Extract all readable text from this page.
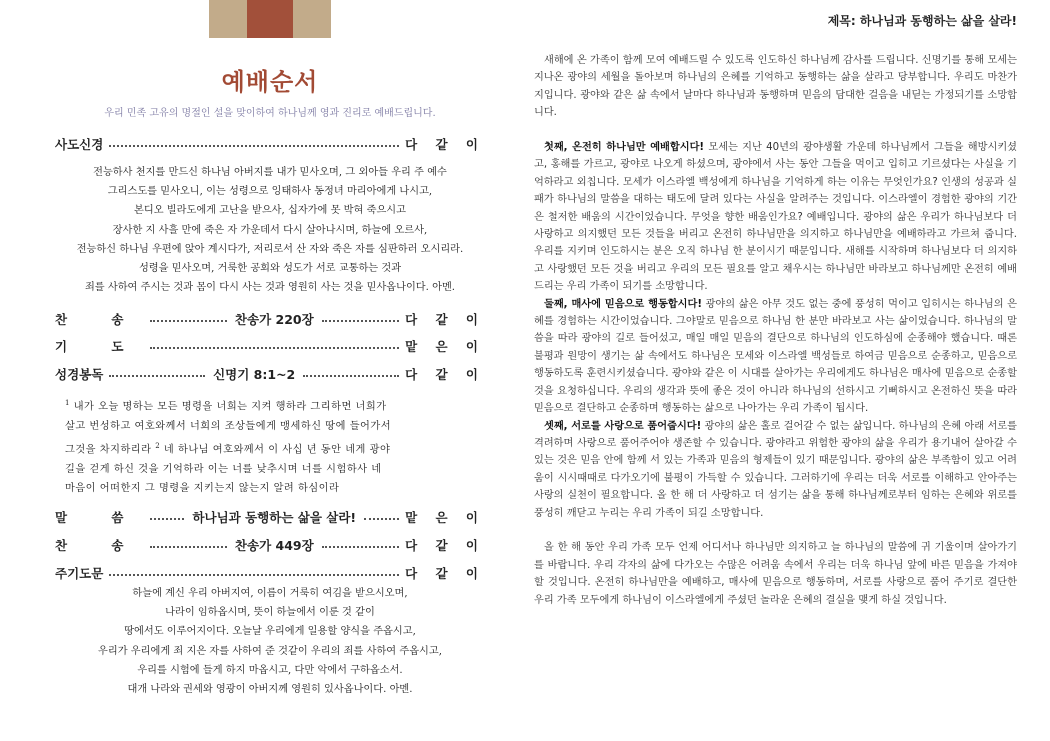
예배순서
우리 민족 고유의 명절인 설을 맞이하여 하나님께 영과 진리로 예배드립니다.
사도신경	다 같 이
전능하사 천지를 만드신 하나님 아버지를 내가 믿사오며, 그 외아들 우리 주 예수
그리스도를 믿사오니, 이는 성령으로 잉태하사 동정녀 마리아에게 나시고,
본디오 빌라도에게 고난을 받으사, 십자가에 못 박혀 죽으시고
장사한 지 사흘 만에 죽은 자 가운데서 다시 살아나시며, 하늘에 오르사,
전능하신 하나님 우편에 앉아 계시다가, 저리로서 산 자와 죽은 자를 심판하러 오시리라.
성령을 믿사오며, 거룩한 공회와 성도가 서로 교통하는 것과
죄를 사하여 주시는 것과 몸이 다시 사는 것과 영원히 사는 것을 믿사옵나이다. 아멘.
찬 송	찬송가 220장	다 같 이
기 도	맡 은 이
성경봉독	신명기 8:1~2	다 같 이

$^1$ 내가 오늘 명하는 모든 명령을 너희는 지켜 행하라 그리하면 너희가

살고 번성하고 여호와께서 너희의 조상들에게 맹세하신 땅에 들어가서

그것을 차지하리라 $^2$ 네 하나님 여호와께서 이 사십 년 동안 네게 광야

길을 걷게 하신 것을 기억하라 이는 너를 낮추시며 너를 시험하사 네

마음이 어떠한지 그 명령을 지키는지 않는지 알려 하심이라

말 씀	하나님과 동행하는 삶을 살라!	맡 은 이
찬 송	찬송가 449장	다 같 이
주기도문	다 같 이
하늘에 계신 우리 아버지여, 이름이 거룩히 여김을 받으시오며,
나라이 임하옵시며, 뜻이 하늘에서 이룬 것 같이
땅에서도 이루어지이다. 오늘날 우리에게 일용할 양식을 주옵시고,
우리가 우리에게 죄 지은 자를 사하여 준 것같이 우리의 죄를 사하여 주옵시고,
우리를 시험에 들게 하지 마옵시고, 다만 악에서 구하옵소서.
대개 나라와 권세와 영광이 아버지께 영원히 있사옵나이다. 아멘.
제목: 하나님과 동행하는 삶을 살라!

새해에 온 가족이 함께 모여 예배드릴 수 있도록 인도하신 하나님께 감사를 드립니다. 신명기를 통해 모세는 지나온 광야의 세월을 돌아보며 하나님의 은혜를 기억하고 동행하는 삶을 살라고 당부합니다. 우리도 마찬가지입니다. 광야와 같은 삶 속에서 날마다 하나님과 동행하며 믿음의 담대한 걸음을 내딛는 가정되기를 소망합니다.

첫째, 온전히 하나님만 예배합시다! 모세는 지난 40년의 광야생활 가운데 하나님께서 그들을 해방시키셨고, 홍해를 가르고, 광야로 나오게 하셨으며, 광야에서 사는 동안 그들을 먹이고 입히고 기르셨다는 사실을 기억하라고 외칩니다. 모세가 이스라엘 백성에게 하나님을 기억하게 하는 이유는 무엇인가요? 인생의 성공과 실패가 하나님의 말씀을 대하는 태도에 달려 있다는 사실을 알려주는 것입니다. 이스라엘이 경험한 광야의 기간은 철저한 배움의 시간이었습니다. 무엇을 향한 배움인가요? 예배입니다. 광야의 삶은 우리가 하나님보다 더 사랑하고 의지했던 모든 것들을 버리고 온전히 하나님만을 의지하고 하나님만을 예배하라고 가르쳐 줍니다. 우리를 지키며 인도하시는 분은 오직 하나님 한 분이시기 때문입니다. 새해를 시작하며 하나님보다 더 의지하고 사랑했던 모든 것을 버리고 우리의 모든 필요를 알고 채우시는 하나님만 바라보고 하나님께만 온전히 예배드리는 우리 가족이 되기를 소망합니다.

둘째, 매사에 믿음으로 행동합시다! 광야의 삶은 아무 것도 없는 중에 풍성히 먹이고 입히시는 하나님의 은혜를 경험하는 시간이었습니다. 그야말로 믿음으로 하나님 한 분만 바라보고 사는 삶이었습니다. 하나님의 말씀을 따라 광야의 길로 들어섰고, 매일 매일 믿음의 결단으로 하나님의 인도하심에 순종해야 했습니다. 때론 불평과 원망이 생기는 삶 속에서도 하나님은 모세와 이스라엘 백성들로 하여금 믿음으로 순종하고, 믿음으로 행동하도록 훈련시키셨습니다. 광야와 같은 이 시대를 살아가는 우리에게도 하나님은 매사에 믿음으로 순종할 것을 요청하십니다. 우리의 생각과 뜻에 좋은 것이 아니라 하나님의 선하시고 기뻐하시고 온전하신 뜻을 따라 믿음으로 결단하고 순종하며 행동하는 삶으로 나아가는 우리 가족이 됩시다.

셋째, 서로를 사랑으로 품어줍시다! 광야의 삶은 홀로 걸어갈 수 없는 삶입니다. 하나님의 은혜 아래 서로를 격려하며 사랑으로 품어주어야 생존할 수 있습니다. 광야라고 위험한 광야의 삶을 우리가 용기내어 살아갈 수 있는 것은 믿음 안에 함께 서 있는 가족과 믿음의 형제들이 있기 때문입니다. 광야의 삶은 부족함이 있고 어려움이 시시때때로 다가오기에 불평이 가득할 수 있습니다. 그러하기에 우리는 더욱 서로를 이해하고 안아주는 사랑의 실천이 필요합니다. 올 한 해 더 사랑하고 더 섬기는 삶을 통해 하나님께로부터 임하는 은혜와 위로를 풍성히 깨닫고 누리는 우리 가족이 되길 소망합니다.

올 한 해 동안 우리 가족 모두 언제 어디서나 하나님만 의지하고 늘 하나님의 말씀에 귀 기울이며 살아가기를 바랍니다. 우리 각자의 삶에 다가오는 수많은 어려움 속에서 우리는 더욱 하나님 앞에 바른 믿음을 가져야 할 것입니다. 온전히 하나님만을 예배하고, 매사에 믿음으로 행동하며, 서로를 사랑으로 품어 주기로 결단한 우리 가족 모두에게 하나님이 이스라엘에게 주셨던 놀라운 은혜의 결실을 맺게 하실 것입니다.
